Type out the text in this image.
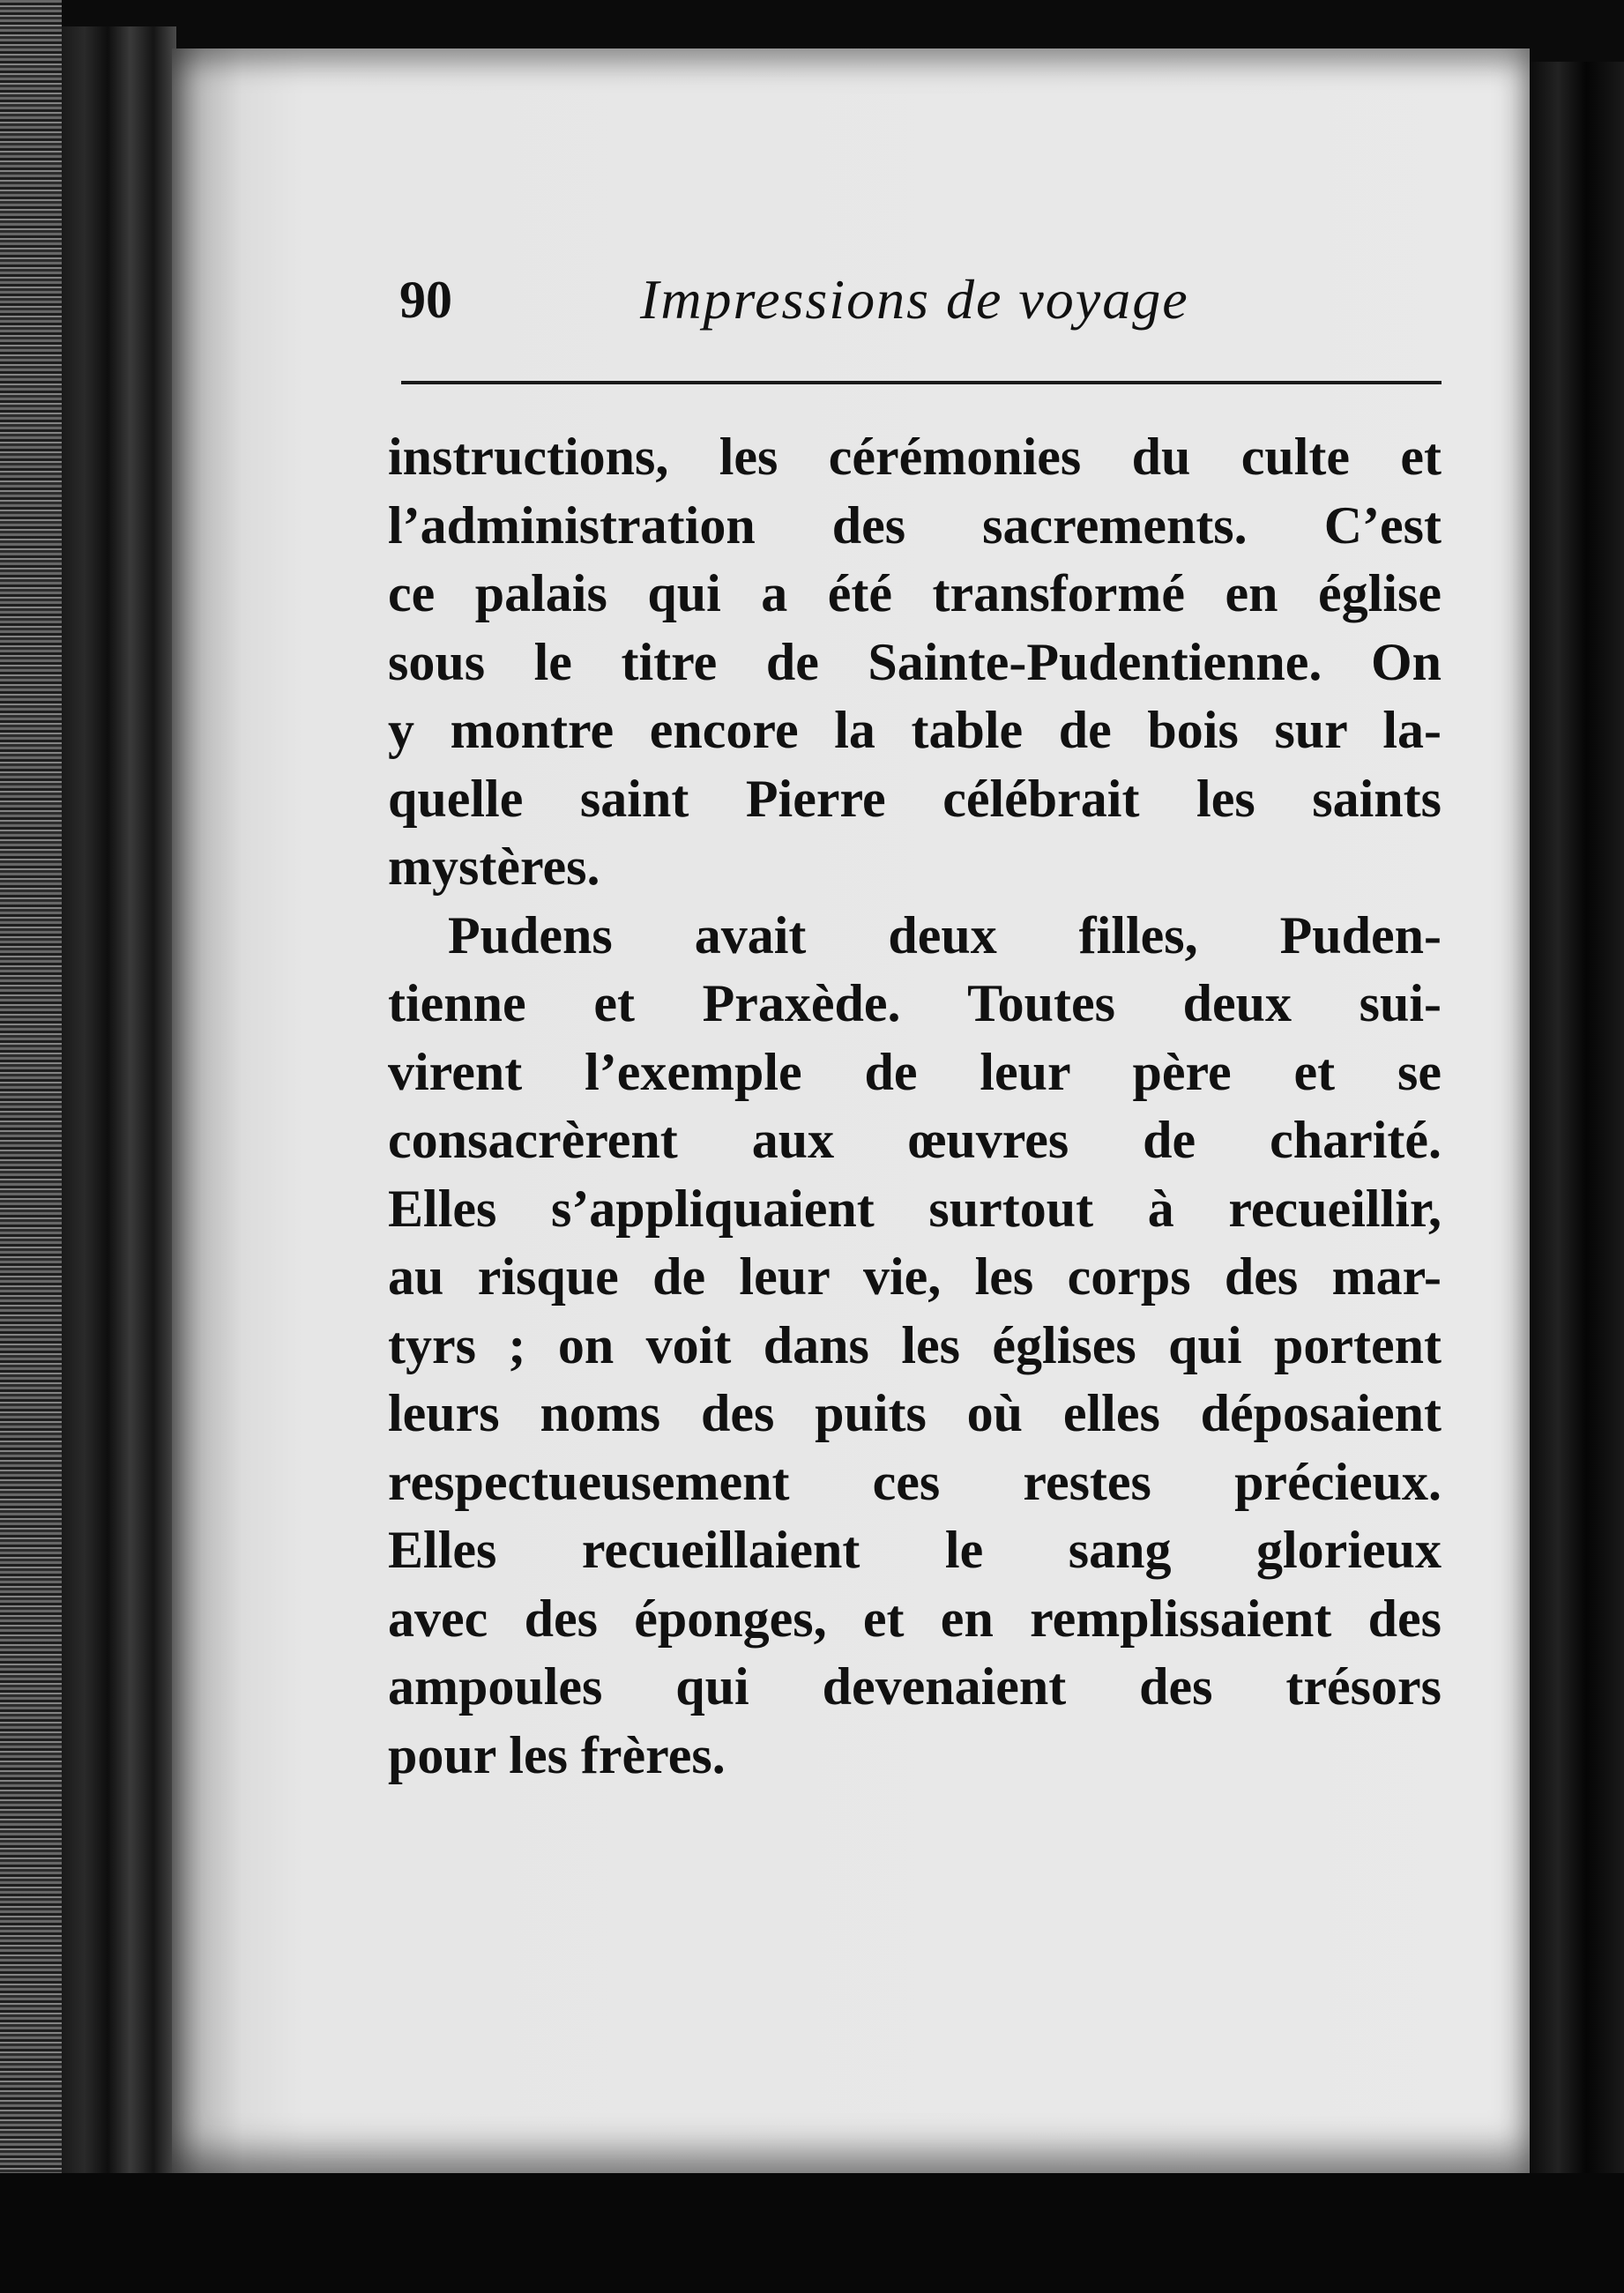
90	Impressions de voyage
instructions, les cérémonies du culte et
l’administration des sacrements. C’est
ce palais qui a été transformé en église
sous le titre de Sainte-Pudentienne. On
y montre encore la table de bois sur la-
quelle saint Pierre célébrait les saints
mystères.
Pudens avait deux filles, Puden-
tienne et Praxède. Toutes deux sui-
virent l’exemple de leur père et se
consacrèrent aux œuvres de charité.
Elles s’appliquaient surtout à recueillir,
au risque de leur vie, les corps des mar-
tyrs ; on voit dans les églises qui portent
leurs noms des puits où elles déposaient
respectueusement ces restes précieux.
Elles recueillaient le sang glorieux
avec des éponges, et en remplissaient des
ampoules qui devenaient des trésors
pour les frères.
